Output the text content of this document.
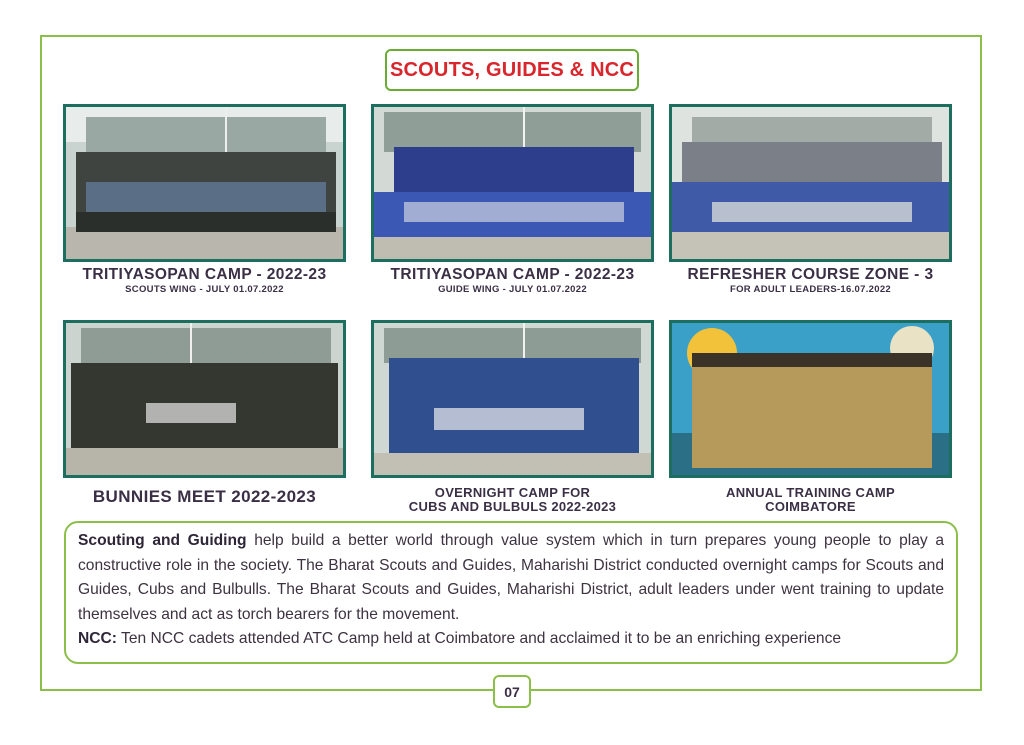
SCOUTS, GUIDES & NCC
TRITIYASOPAN CAMP - 2022-23
SCOUTS WING - JULY 01.07.2022
TRITIYASOPAN CAMP - 2022-23
GUIDE WING - JULY 01.07.2022
REFRESHER COURSE ZONE - 3
FOR ADULT LEADERS-16.07.2022
BUNNIES MEET 2022-2023	OVERNIGHT CAMP FOR
CUBS AND BULBULS 2022-2023
ANNUAL TRAINING CAMP
COIMBATORE
Scouting and Guiding help build a better world through value system which in turn prepares young people to play a constructive role in the society. The Bharat Scouts and Guides, Maharishi District conducted overnight camps for Scouts and Guides, Cubs and Bulbulls. The Bharat Scouts and Guides, Maharishi District, adult leaders under went training to update themselves and act as torch bearers for the movement.
NCC: Ten NCC cadets attended ATC Camp held at Coimbatore and acclaimed it to be an enriching experience
07
